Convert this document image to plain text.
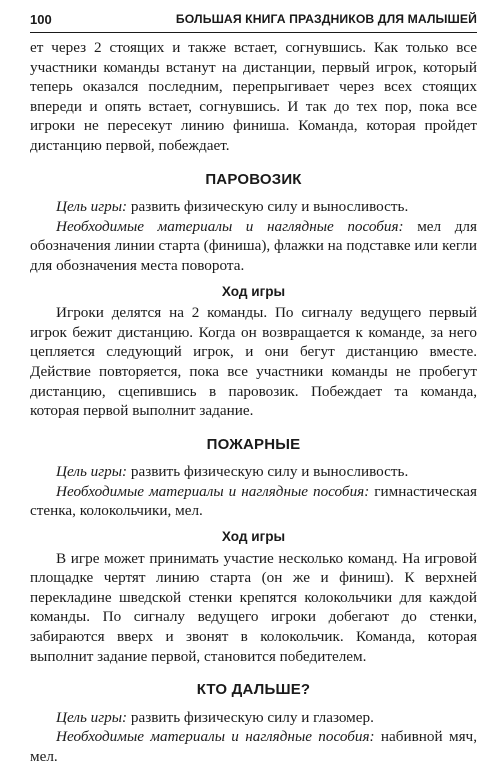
100	БОЛЬШАЯ КНИГА ПРАЗДНИКОВ ДЛЯ МАЛЫШЕЙ

ет через 2 стоящих и также встает, согнувшись. Как только все участники команды встанут на дистанции, первый игрок, который теперь оказался последним, перепрыгивает через всех стоящих впереди и опять встает, согнувшись. И так до тех пор, пока все игроки не пересекут линию финиша. Команда, которая пройдет дистанцию первой, побеждает.

ПАРОВОЗИК

Цель игры: развить физическую силу и выносливость.

Необходимые материалы и наглядные пособия: мел для обозначения линии старта (финиша), флажки на подставке или кегли для обозначения места поворота.

Ход игры

Игроки делятся на 2 команды. По сигналу ведущего первый игрок бежит дистанцию. Когда он возвращается к команде, за него цепляется следующий игрок, и они бегут дистанцию вместе. Действие повторяется, пока все участники команды не пробегут дистанцию, сцепившись в паровозик. Побеждает та команда, которая первой выполнит задание.

ПОЖАРНЫЕ

Цель игры: развить физическую силу и выносливость.

Необходимые материалы и наглядные пособия: гимнастическая стенка, колокольчики, мел.

Ход игры

В игре может принимать участие несколько команд. На игровой площадке чертят линию старта (он же и финиш). К верхней перекладине шведской стенки крепятся колокольчики для каждой команды. По сигналу ведущего игроки добегают до стенки, забираются вверх и звонят в колокольчик. Команда, которая выполнит задание первой, становится победителем.

КТО ДАЛЬШЕ?

Цель игры: развить физическую силу и глазомер.

Необходимые материалы и наглядные пособия: набивной мяч, мел.
